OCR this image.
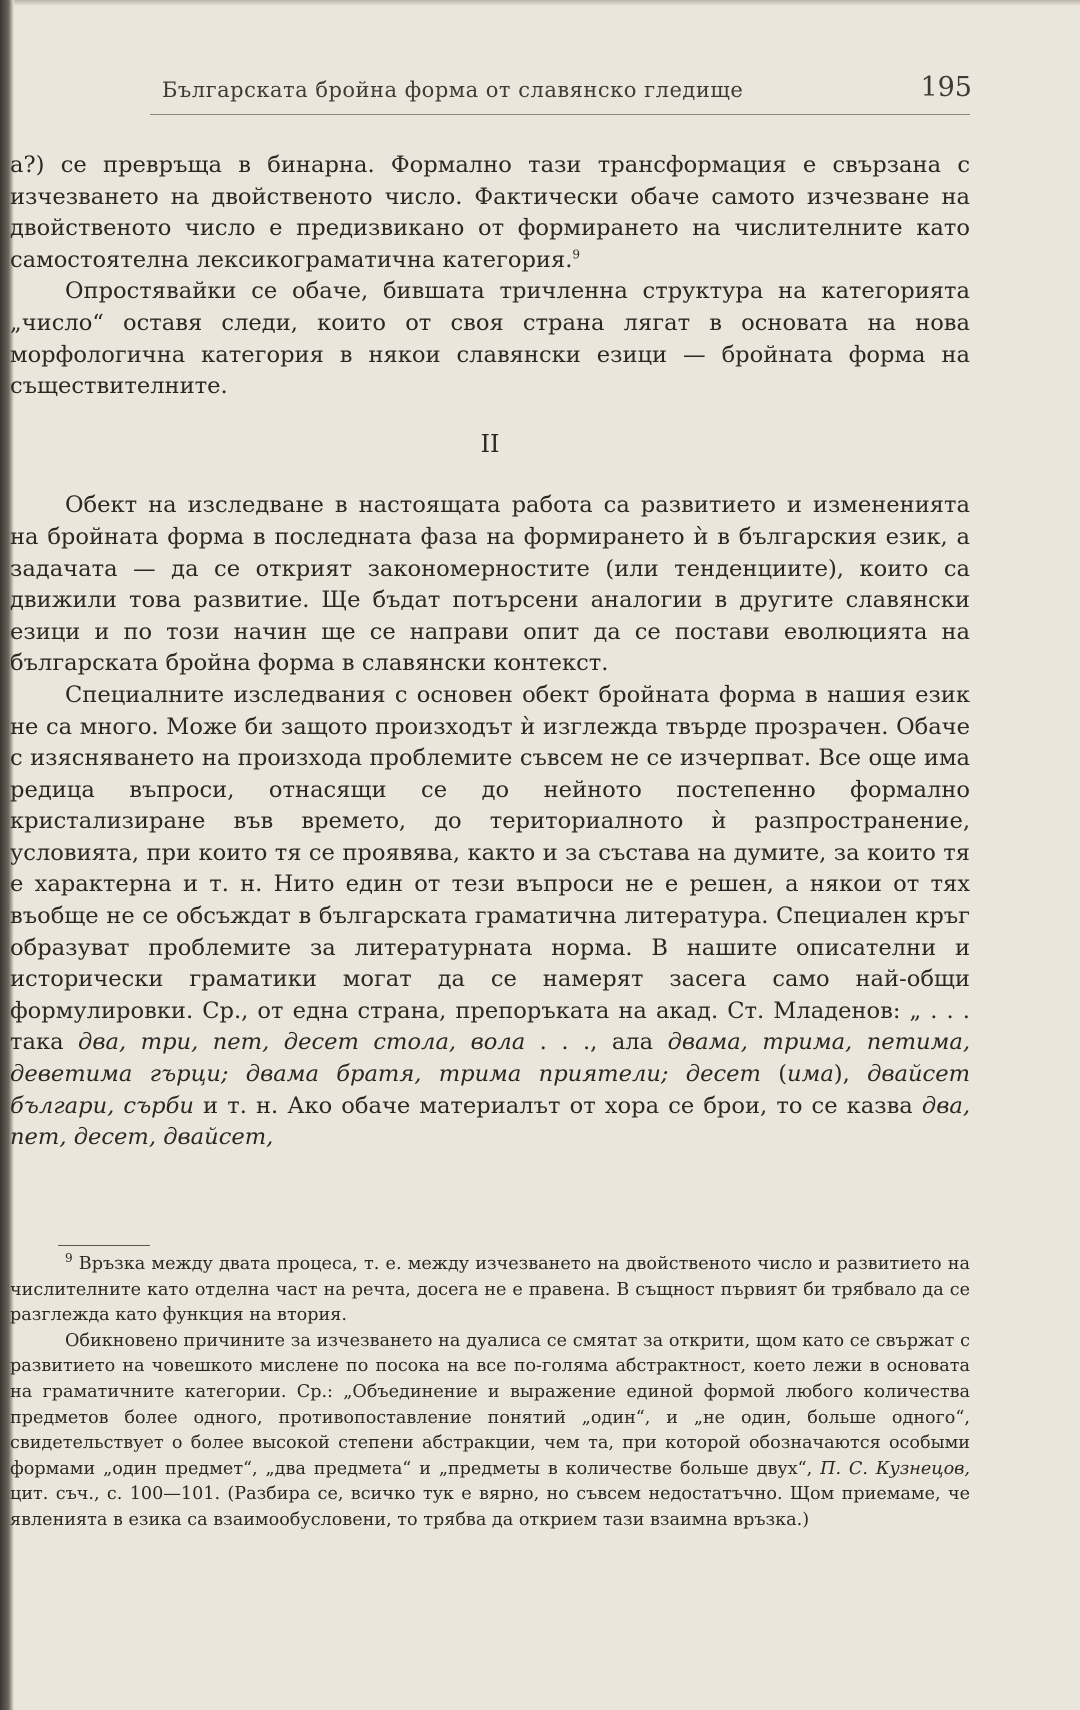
Българската бройна форма от славянско гледище	195

а?) се превръща в бинарна. Формално тази трансформация е свързана с изчезването на двойственото число. Фактически обаче самото изчезване на двойственото число е предизвикано от формирането на числителните като самостоятелна лексикограматична категория.$^9$

Опростявайки се обаче, бившата тричленна структура на категорията „число“ оставя следи, които от своя страна лягат в основата на нова морфологична категория в някои славянски езици — бройната форма на съществителните.

II

Обект на изследване в настоящата работа са развитието и измененията на бройната форма в последната фаза на формирането ѝ в българския език, а задачата — да се открият закономерностите (или тенденциите), които са движили това развитие. Ще бъдат потърсени аналогии в другите славянски езици и по този начин ще се направи опит да се постави еволюцията на българската бройна форма в славянски контекст.

Специалните изследвания с основен обект бройната форма в нашия език не са много. Може би защото произходът ѝ изглежда твърде прозрачен. Обаче с изясняването на произхода проблемите съвсем не се изчерпват. Все още има редица въпроси, отнасящи се до нейното постепенно формално кристализиране във времето, до териториалното ѝ разпространение, условията, при които тя се проявява, както и за състава на думите, за които тя е характерна и т. н. Нито един от тези въпроси не е решен, а някои от тях въобще не се обсъждат в българската граматична литература. Специален кръг образуват проблемите за литературната норма. В нашите описателни и исторически граматики могат да се намерят засега само най-общи формулировки. Ср., от една страна, препоръката на акад. Ст. Младенов: „ . . . така два, три, пет, десет стола, вола . . ., ала двама, трима, петима, деветима гърци; двама братя, трима приятели; десет (има), двайсет българи, сърби и т. н. Ако обаче материалът от хора се брои, то се казва два, пет, десет, двайсет,

$^9$ Връзка между двата процеса, т. е. между изчезването на двойственото число и развитието на числителните като отделна част на речта, досега не е правена. В същност първият би трябвало да се разглежда като функция на втория.

Обикновено причините за изчезването на дуалиса се смятат за открити, щом като се свържат с развитието на човешкото мислене по посока на все по-голяма абстрактност, което лежи в основата на граматичните категории. Ср.: „Объединение и выражение единой формой любого количества предметов более одного, противопоставление понятий „один“, и „не один, больше одного“, свидетельствует о более высокой степени абстракции, чем та, при которой обозначаются особыми формами „один предмет“, „два предмета“ и „предметы в количестве больше двух“, П. С. Кузнецов, цит. съч., с. 100—101. (Разбира се, всичко тук е вярно, но съвсем недостатъчно. Щом приемаме, че явленията в езика са взаимообусловени, то трябва да открием тази взаимна връзка.)
